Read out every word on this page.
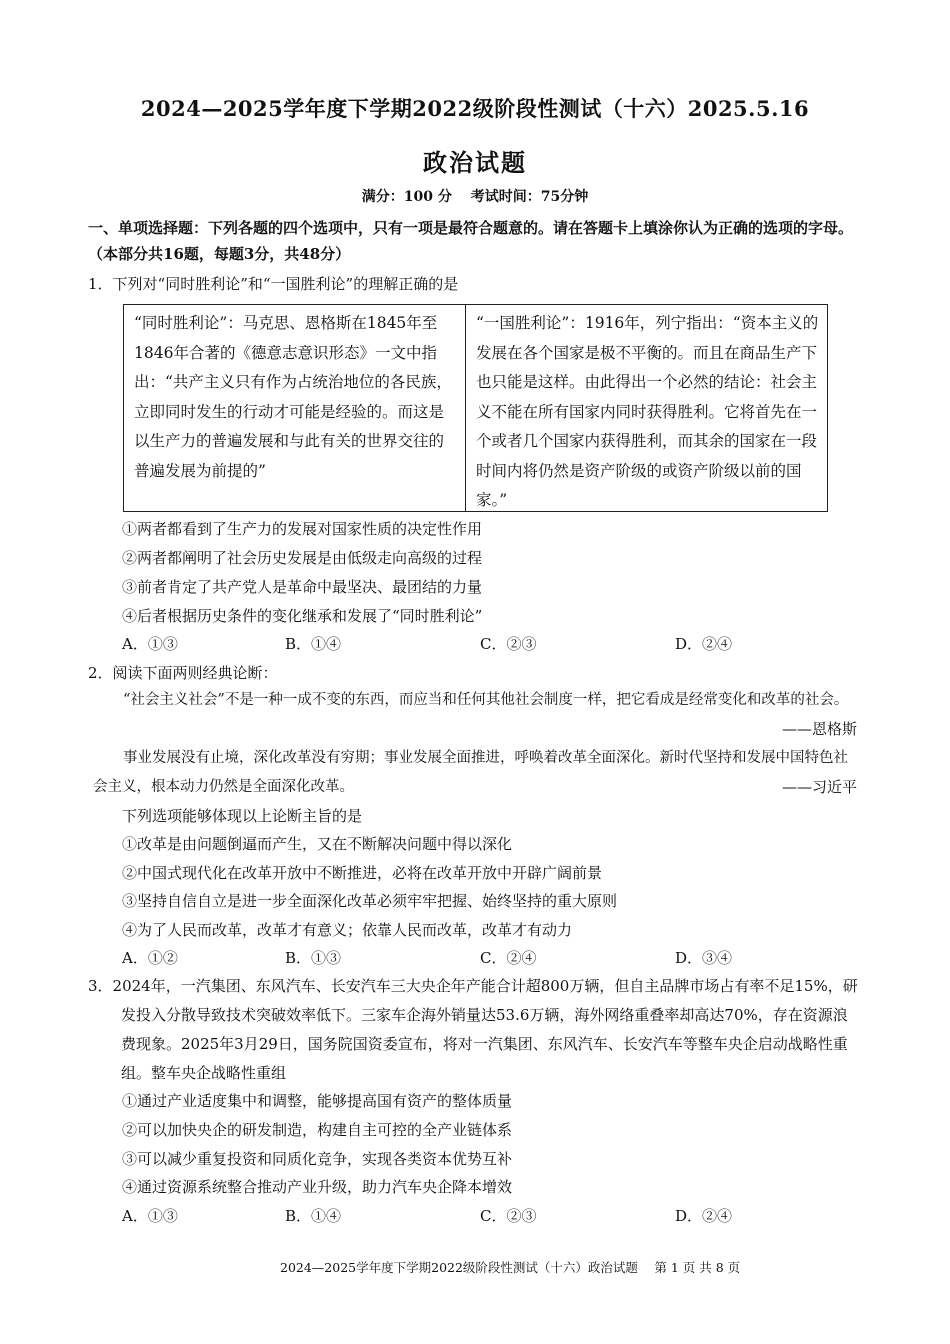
2024—2025学年度下学期2022级阶段性测试（十六）2025.5.16
政治试题
满分：100 分　 考试时间：75分钟
一、单项选择题：下列各题的四个选项中，只有一项是最符合题意的。请在答题卡上填涂你认为正确的选项的字母。（本部分共16题，每题3分，共48分）
1．下列对“同时胜利论”和“一国胜利论”的理解正确的是
“同时胜利论”：马克思、恩格斯在1845年至1846年合著的《德意志意识形态》一文中指出：“共产主义只有作为占统治地位的各民族，立即同时发生的行动才可能是经验的。而这是以生产力的普遍发展和与此有关的世界交往的普遍发展为前提的”
“一国胜利论”：1916年，列宁指出：“资本主义的发展在各个国家是极不平衡的。而且在商品生产下也只能是这样。由此得出一个必然的结论：社会主义不能在所有国家内同时获得胜利。它将首先在一个或者几个国家内获得胜利，而其余的国家在一段时间内将仍然是资产阶级的或资产阶级以前的国家。”
①两者都看到了生产力的发展对国家性质的决定性作用
②两者都阐明了社会历史发展是由低级走向高级的过程
③前者肯定了共产党人是革命中最坚决、最团结的力量
④后者根据历史条件的变化继承和发展了“同时胜利论”
A．①③	B．①④	C．②③	D．②④
2．阅读下面两则经典论断：
“社会主义社会”不是一种一成不变的东西，而应当和任何其他社会制度一样，把它看成是经常变化和改革的社会。
——恩格斯
事业发展没有止境，深化改革没有穷期；事业发展全面推进，呼唤着改革全面深化。新时代坚持和发展中国特色社会主义，根本动力仍然是全面深化改革。	——习近平
下列选项能够体现以上论断主旨的是
①改革是由问题倒逼而产生，又在不断解决问题中得以深化
②中国式现代化在改革开放中不断推进，必将在改革开放中开辟广阔前景
③坚持自信自立是进一步全面深化改革必须牢牢把握、始终坚持的重大原则
④为了人民而改革，改革才有意义；依靠人民而改革，改革才有动力
A．①②	B．①③	C．②④	D．③④
3．2024年，一汽集团、东风汽车、长安汽车三大央企年产能合计超800万辆，但自主品牌市场占有率不足15%，研发投入分散导致技术突破效率低下。三家车企海外销量达53.6万辆，海外网络重叠率却高达70%，存在资源浪费现象。2025年3月29日，国务院国资委宣布，将对一汽集团、东风汽车、长安汽车等整车央企启动战略性重组。整车央企战略性重组
①通过产业适度集中和调整，能够提高国有资产的整体质量
②可以加快央企的研发制造，构建自主可控的全产业链体系
③可以减少重复投资和同质化竞争，实现各类资本优势互补
④通过资源系统整合推动产业升级，助力汽车央企降本增效
A．①③	B．①④	C．②③	D．②④
2024—2025学年度下学期2022级阶段性测试（十六）政治试题　 第 1 页 共 8 页
